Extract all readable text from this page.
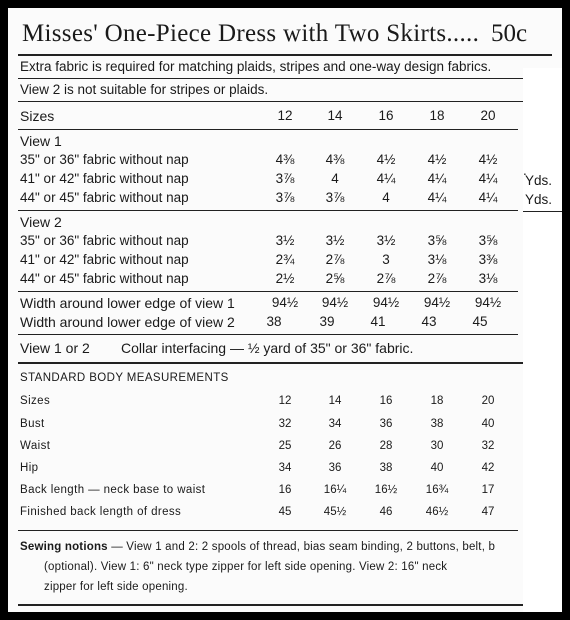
Misses' One-Piece Dress with Two Skirts..... 50c
Extra fabric is required for matching plaids, stripes and one-way design fabrics.
View 2 is not suitable for stripes or plaids.
Sizes	12	14	16	18	20
View 1
35" or 36" fabric without nap	4⅜	4⅜	4½	4½	4½
41" or 42" fabric without nap	3⅞	4	4¼	4¼	4¼
44" or 45" fabric without nap	3⅞	3⅞	4	4¼	4¼
View 2
35" or 36" fabric without nap	3½	3½	3½	3⅝	3⅝
41" or 42" fabric without nap	2¾	2⅞	3	3⅛	3⅜
44" or 45" fabric without nap	2½	2⅝	2⅞	2⅞	3⅛
Width around lower edge of view 1	94½	94½	94½	94½	94½
Width around lower edge of view 2	38	39	41	43	45
View 1 or 2 Collar interfacing — ½ yard of 35" or 36" fabric.
STANDARD BODY MEASUREMENTS
Sizes	12	14	16	18	20
Bust	32	34	36	38	40
Waist	25	26	28	30	32
Hip	34	36	38	40	42
Back length — neck base to waist	16	16¼	16½	16¾	17
Finished back length of dress	45	45½	46	46½	47
Sewing notions — View 1 and 2: 2 spools of thread, bias seam binding, 2 buttons, belt, b
(optional). View 1: 6" neck type zipper for left side opening. View 2: 16" neck
zipper for left side opening.
.
Yds.
Yds.
